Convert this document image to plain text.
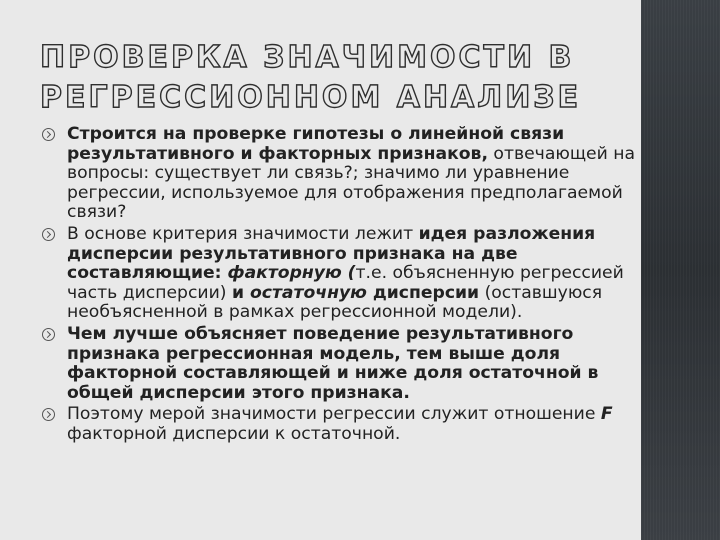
ПРОВЕРКА ЗНАЧИМОСТИ В
РЕГРЕССИОННОМ АНАЛИЗЕ
Строится на проверке гипотезы о линейной связи результативного и факторных признаков, отвечающей на вопросы: существует ли связь?; значимо ли уравнение регрессии, используемое для отображения предполагаемой связи?
В основе критерия значимости лежит идея разложения дисперсии результативного признака на две составляющие: факторную (т.е. объясненную регрессией часть дисперсии) и остаточную дисперсии (оставшуюся необъясненной в рамках регрессионной модели).
Чем лучше объясняет поведение результативного признака регрессионная модель, тем выше доля факторной составляющей и ниже доля остаточной в общей дисперсии этого признака.
Поэтому мерой значимости регрессии служит отношение F факторной дисперсии к остаточной.
